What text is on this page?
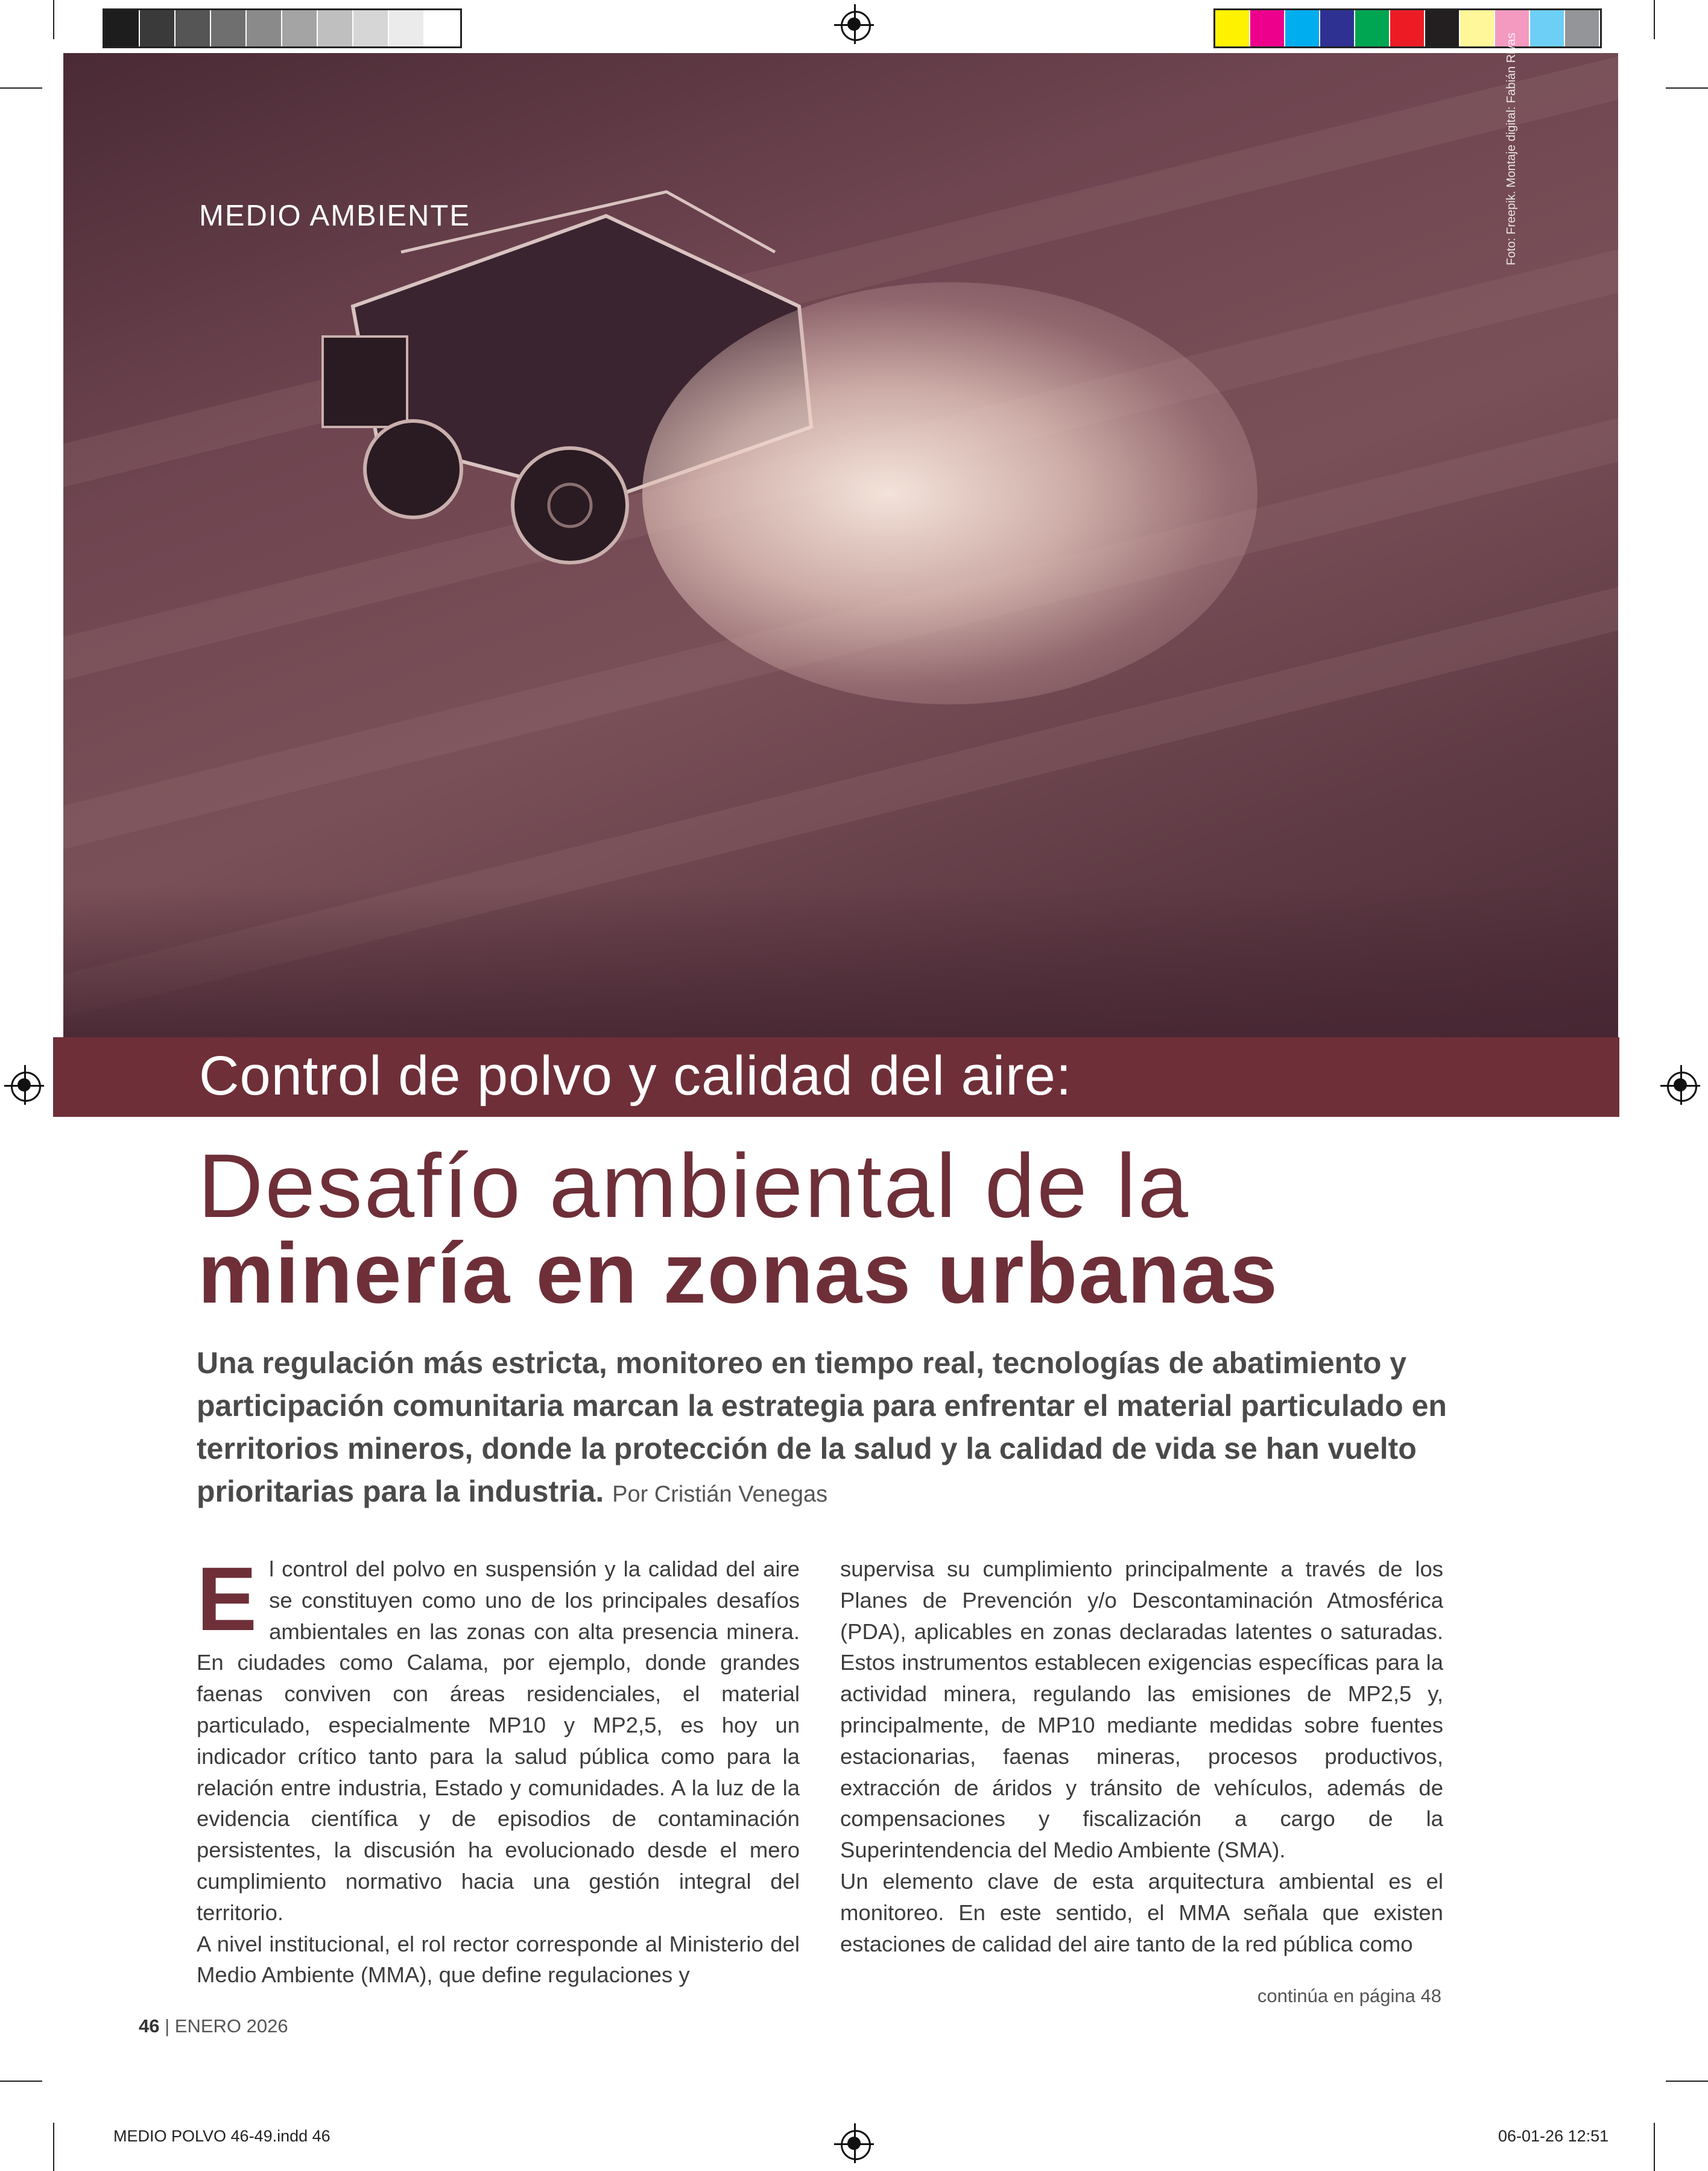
MEDIO AMBIENTE	Foto: Freepik. Montaje digital: Fabián Rivas
Control de polvo y calidad del aire:
Desafío ambiental de la
minería en zonas urbanas
Una regulación más estricta, monitoreo en tiempo real, tecnologías de abatimiento y participación comunitaria marcan la estrategia para enfrentar el material particulado en territorios mineros, donde la protección de la salud y la calidad de vida se han vuelto prioritarias para la industria. Por Cristián Venegas
E l control del polvo en suspensión y la calidad del aire se constituyen como uno de los principales desafíos ambientales en las zonas con alta presencia minera. En ciudades como Calama, por ejemplo, donde grandes faenas conviven con áreas residenciales, el material particulado, especialmente MP10 y MP2,5, es hoy un indicador crítico tanto para la salud pública como para la relación entre industria, Estado y comunidades. A la luz de la evidencia científica y de episodios de contaminación persistentes, la discusión ha evolucionado desde el mero cumplimiento normativo hacia una gestión integral del territorio.

A nivel institucional, el rol rector corresponde al Ministerio del Medio Ambiente (MMA), que define regulaciones y

supervisa su cumplimiento principalmente a través de los Planes de Prevención y/o Descontaminación Atmosférica (PDA), aplicables en zonas declaradas latentes o saturadas. Estos instrumentos establecen exigencias específicas para la actividad minera, regulando las emisiones de MP2,5 y, principalmente, de MP10 mediante medidas sobre fuentes estacionarias, faenas mineras, procesos productivos, extracción de áridos y tránsito de vehículos, además de compensaciones y fiscalización a cargo de la Superintendencia del Medio Ambiente (SMA).

Un elemento clave de esta arquitectura ambiental es el monitoreo. En este sentido, el MMA señala que existen estaciones de calidad del aire tanto de la red pública como

continúa en página 48
46 | ENERO 2026
MEDIO POLVO 46-49.indd 46	06-01-26 12:51
